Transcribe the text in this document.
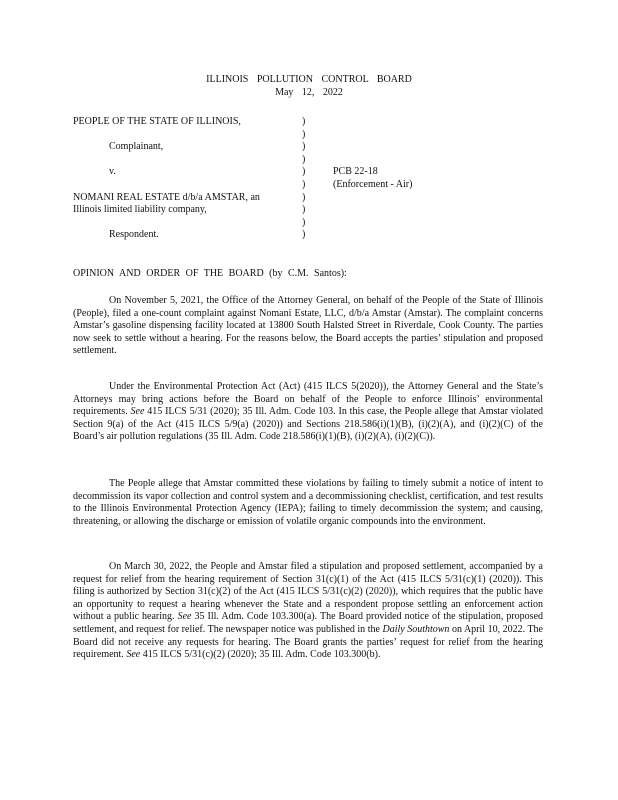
ILLINOIS POLLUTION CONTROL BOARD
May 12, 2022
PEOPLE OF THE STATE OF ILLINOIS,	)
)
Complainant,	)
)
v.	)	PCB 22-18
)	(Enforcement - Air)
NOMANI REAL ESTATE d/b/a AMSTAR, an	)
Illinois limited liability company,	)
)
Respondent.	)
OPINION AND ORDER OF THE BOARD (by C.M. Santos):

On November 5, 2021, the Office of the Attorney General, on behalf of the People of the State of Illinois (People), filed a one-count complaint against Nomani Estate, LLC, d/b/a Amstar (Amstar). The complaint concerns Amstar’s gasoline dispensing facility located at 13800 South Halsted Street in Riverdale, Cook County. The parties now seek to settle without a hearing. For the reasons below, the Board accepts the parties’ stipulation and proposed settlement.

Under the Environmental Protection Act (Act) (415 ILCS 5(2020)), the Attorney General and the State’s Attorneys may bring actions before the Board on behalf of the People to enforce Illinois’ environmental requirements. See 415 ILCS 5/31 (2020); 35 Ill. Adm. Code 103. In this case, the People allege that Amstar violated Section 9(a) of the Act (415 ILCS 5/9(a) (2020)) and Sections 218.586(i)(1)(B), (i)(2)(A), and (i)(2)(C) of the Board’s air pollution regulations (35 Ill. Adm. Code 218.586(i)(1)(B), (i)(2)(A), (i)(2)(C)).

The People allege that Amstar committed these violations by failing to timely submit a notice of intent to decommission its vapor collection and control system and a decommissioning checklist, certification, and test results to the Illinois Environmental Protection Agency (IEPA); failing to timely decommission the system; and causing, threatening, or allowing the discharge or emission of volatile organic compounds into the environment.

On March 30, 2022, the People and Amstar filed a stipulation and proposed settlement, accompanied by a request for relief from the hearing requirement of Section 31(c)(1) of the Act (415 ILCS 5/31(c)(1) (2020)). This filing is authorized by Section 31(c)(2) of the Act (415 ILCS 5/31(c)(2) (2020)), which requires that the public have an opportunity to request a hearing whenever the State and a respondent propose settling an enforcement action without a public hearing. See 35 Ill. Adm. Code 103.300(a). The Board provided notice of the stipulation, proposed settlement, and request for relief. The newspaper notice was published in the Daily Southtown on April 10, 2022. The Board did not receive any requests for hearing. The Board grants the parties’ request for relief from the hearing requirement. See 415 ILCS 5/31(c)(2) (2020); 35 Ill. Adm. Code 103.300(b).
